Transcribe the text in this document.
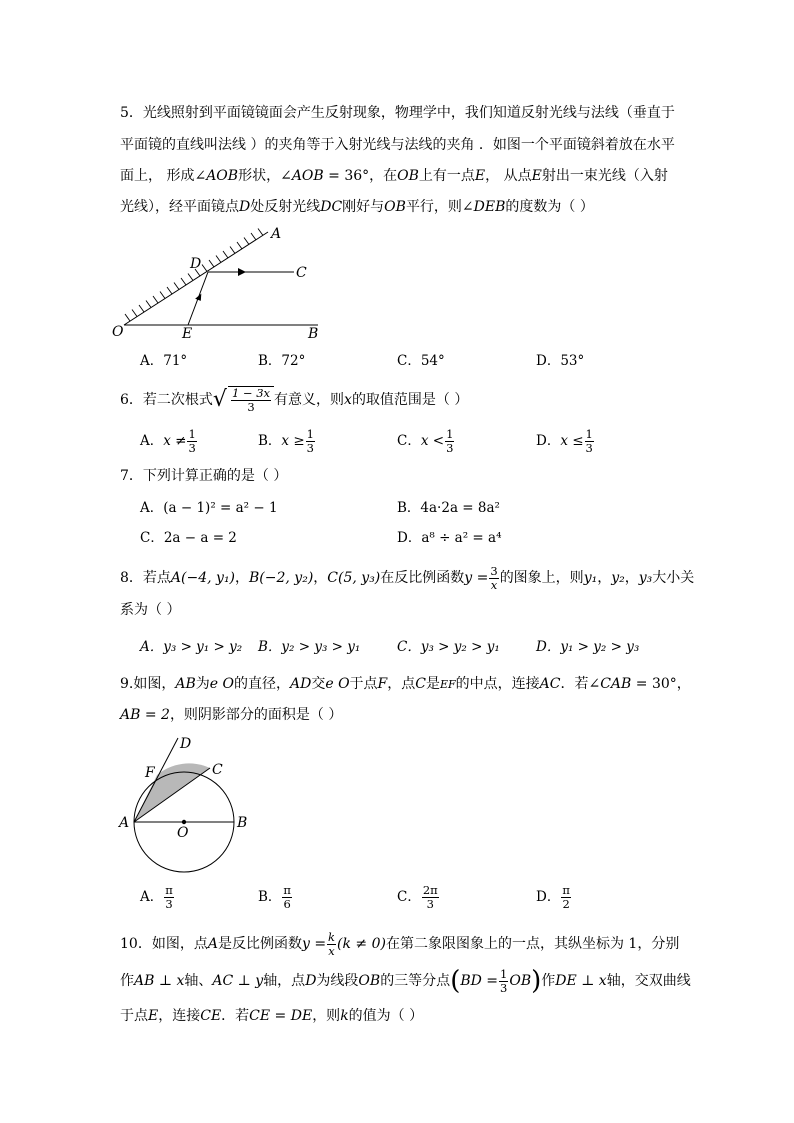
5．光线照射到平面镜镜面会产生反射现象，物理学中，我们知道反射光线与法线（垂直于
平面镜的直线叫法线 ）的夹角等于入射光线与法线的夹角 ．如图一个平面镜斜着放在水平
面上， 形成∠AOB形状，∠AOB = 36°，在OB上有一点E， 从点E射出一束光线（入射
光线），经平面镜点D处反射光线DC刚好与OB平行，则∠DEB的度数为（ ）
A
D
C
O	E	B
A．71°	B．72°	C．54°	D．53°
6．若二次根式√ $\frac{1 - 3x}{3}$ 有意义，则x的取值范围是（ ）
A．$x \ne \frac{1}{3}$	B．$x \ge \frac{1}{3}$	C．$x < \frac{1}{3}$	D．$x \le \frac{1}{3}$
7．下列计算正确的是（ ）
A．(a − 1)² = a² − 1	B．4a·2a = 8a²
C．2a − a = 2	D．a⁸ ÷ a² = a⁴
8．若点A(−4, y₁)，B(−2, y₂)，C(5, y₃)在反比例函数$y = \frac{3}{x}$ 的图象上，则y₁，y₂，y₃大小关
系为（ ）
A．y₃ > y₁ > y₂ B．y₂ > y₃ > y₁	C．y₃ > y₂ > y₁	D．y₁ > y₂ > y₃
9.如图，AB为e O的直径，AD交e O于点F，点C是EF的中点，连接AC．若∠CAB = 30°，
AB = 2，则阴影部分的面积是（ ）
D
F	C
A
O
B
A． $\frac{\pi}{3}$	B． $\frac{\pi}{6}$	C． $\frac{2\pi}{3}$	D． $\frac{\pi}{2}$
10．如图，点A是反比例函数$y = \frac{k}{x} (k \ne 0)$在第二象限图象上的一点，其纵坐标为 1，分别
作AB ⊥ x轴、AC ⊥ y轴，点D为线段OB的三等分点$(BD = \frac{1}{3} OB)$作DE ⊥ x轴，交双曲线
于点E，连接CE．若CE = DE，则k的值为（ ）
